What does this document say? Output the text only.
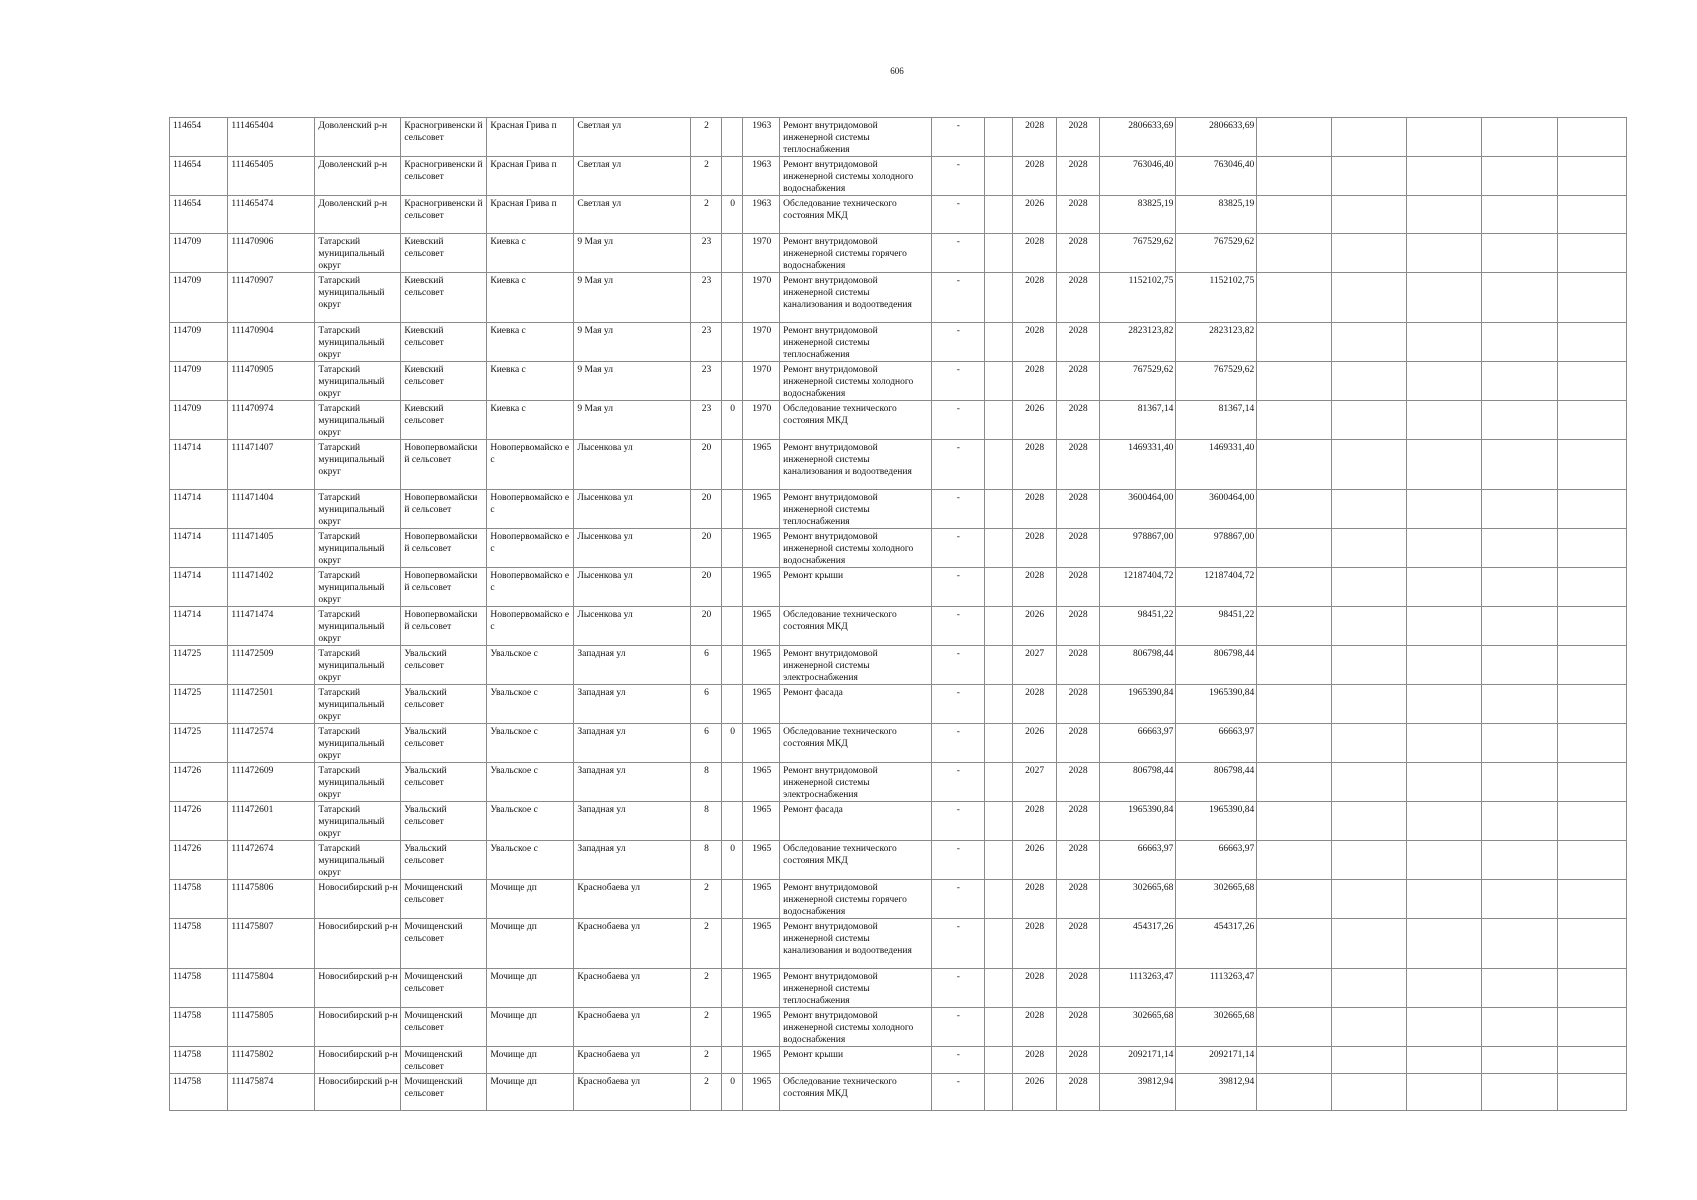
606
114654	111465404	Доволенский р-н	Красногривенски й сельсовет	Красная Грива п	Светлая ул	2		1963	Ремонт внутридомовой инженерной системы теплоснабжения	-		2028	2028	2806633,69	2806633,69					
114654	111465405	Доволенский р-н	Красногривенски й сельсовет	Красная Грива п	Светлая ул	2		1963	Ремонт внутридомовой инженерной системы холодного водоснабжения	-		2028	2028	763046,40	763046,40					
114654	111465474	Доволенский р-н	Красногривенски й сельсовет	Красная Грива п	Светлая ул	2	0	1963	Обследование технического состояния МКД	-		2026	2028	83825,19	83825,19					
114709	111470906	Татарский муниципальный округ	Киевский сельсовет	Киевка с	9 Мая ул	23		1970	Ремонт внутридомовой инженерной системы горячего водоснабжения	-		2028	2028	767529,62	767529,62					
114709	111470907	Татарский муниципальный округ	Киевский сельсовет	Киевка с	9 Мая ул	23		1970	Ремонт внутридомовой инженерной системы канализования и водоотведения	-		2028	2028	1152102,75	1152102,75					
114709	111470904	Татарский муниципальный округ	Киевский сельсовет	Киевка с	9 Мая ул	23		1970	Ремонт внутридомовой инженерной системы теплоснабжения	-		2028	2028	2823123,82	2823123,82					
114709	111470905	Татарский муниципальный округ	Киевский сельсовет	Киевка с	9 Мая ул	23		1970	Ремонт внутридомовой инженерной системы холодного водоснабжения	-		2028	2028	767529,62	767529,62					
114709	111470974	Татарский муниципальный округ	Киевский сельсовет	Киевка с	9 Мая ул	23	0	1970	Обследование технического состояния МКД	-		2026	2028	81367,14	81367,14					
114714	111471407	Татарский муниципальный округ	Новопервомайски й сельсовет	Новопервомайско е с	Лысенкова ул	20		1965	Ремонт внутридомовой инженерной системы канализования и водоотведения	-		2028	2028	1469331,40	1469331,40					
114714	111471404	Татарский муниципальный округ	Новопервомайски й сельсовет	Новопервомайско е с	Лысенкова ул	20		1965	Ремонт внутридомовой инженерной системы теплоснабжения	-		2028	2028	3600464,00	3600464,00					
114714	111471405	Татарский муниципальный округ	Новопервомайски й сельсовет	Новопервомайско е с	Лысенкова ул	20		1965	Ремонт внутридомовой инженерной системы холодного водоснабжения	-		2028	2028	978867,00	978867,00					
114714	111471402	Татарский муниципальный округ	Новопервомайски й сельсовет	Новопервомайско е с	Лысенкова ул	20		1965	Ремонт крыши	-		2028	2028	12187404,72	12187404,72					
114714	111471474	Татарский муниципальный округ	Новопервомайски й сельсовет	Новопервомайско е с	Лысенкова ул	20		1965	Обследование технического состояния МКД	-		2026	2028	98451,22	98451,22					
114725	111472509	Татарский муниципальный округ	Увальский сельсовет	Увальское с	Западная ул	6		1965	Ремонт внутридомовой инженерной системы электроснабжения	-		2027	2028	806798,44	806798,44					
114725	111472501	Татарский муниципальный округ	Увальский сельсовет	Увальское с	Западная ул	6		1965	Ремонт фасада	-		2028	2028	1965390,84	1965390,84					
114725	111472574	Татарский муниципальный округ	Увальский сельсовет	Увальское с	Западная ул	6	0	1965	Обследование технического состояния МКД	-		2026	2028	66663,97	66663,97					
114726	111472609	Татарский муниципальный округ	Увальский сельсовет	Увальское с	Западная ул	8		1965	Ремонт внутридомовой инженерной системы электроснабжения	-		2027	2028	806798,44	806798,44					
114726	111472601	Татарский муниципальный округ	Увальский сельсовет	Увальское с	Западная ул	8		1965	Ремонт фасада	-		2028	2028	1965390,84	1965390,84					
114726	111472674	Татарский муниципальный округ	Увальский сельсовет	Увальское с	Западная ул	8	0	1965	Обследование технического состояния МКД	-		2026	2028	66663,97	66663,97					
114758	111475806	Новосибирский р-н	Мочищенский сельсовет	Мочище дп	Краснобаева ул	2		1965	Ремонт внутридомовой инженерной системы горячего водоснабжения	-		2028	2028	302665,68	302665,68					
114758	111475807	Новосибирский р-н	Мочищенский сельсовет	Мочище дп	Краснобаева ул	2		1965	Ремонт внутридомовой инженерной системы канализования и водоотведения	-		2028	2028	454317,26	454317,26					
114758	111475804	Новосибирский р-н	Мочищенский сельсовет	Мочище дп	Краснобаева ул	2		1965	Ремонт внутридомовой инженерной системы теплоснабжения	-		2028	2028	1113263,47	1113263,47					
114758	111475805	Новосибирский р-н	Мочищенский сельсовет	Мочище дп	Краснобаева ул	2		1965	Ремонт внутридомовой инженерной системы холодного водоснабжения	-		2028	2028	302665,68	302665,68					
114758	111475802	Новосибирский р-н	Мочищенский сельсовет	Мочище дп	Краснобаева ул	2		1965	Ремонт крыши	-		2028	2028	2092171,14	2092171,14					
114758	111475874	Новосибирский р-н	Мочищенский сельсовет	Мочище дп	Краснобаева ул	2	0	1965	Обследование технического состояния МКД	-		2026	2028	39812,94	39812,94					
